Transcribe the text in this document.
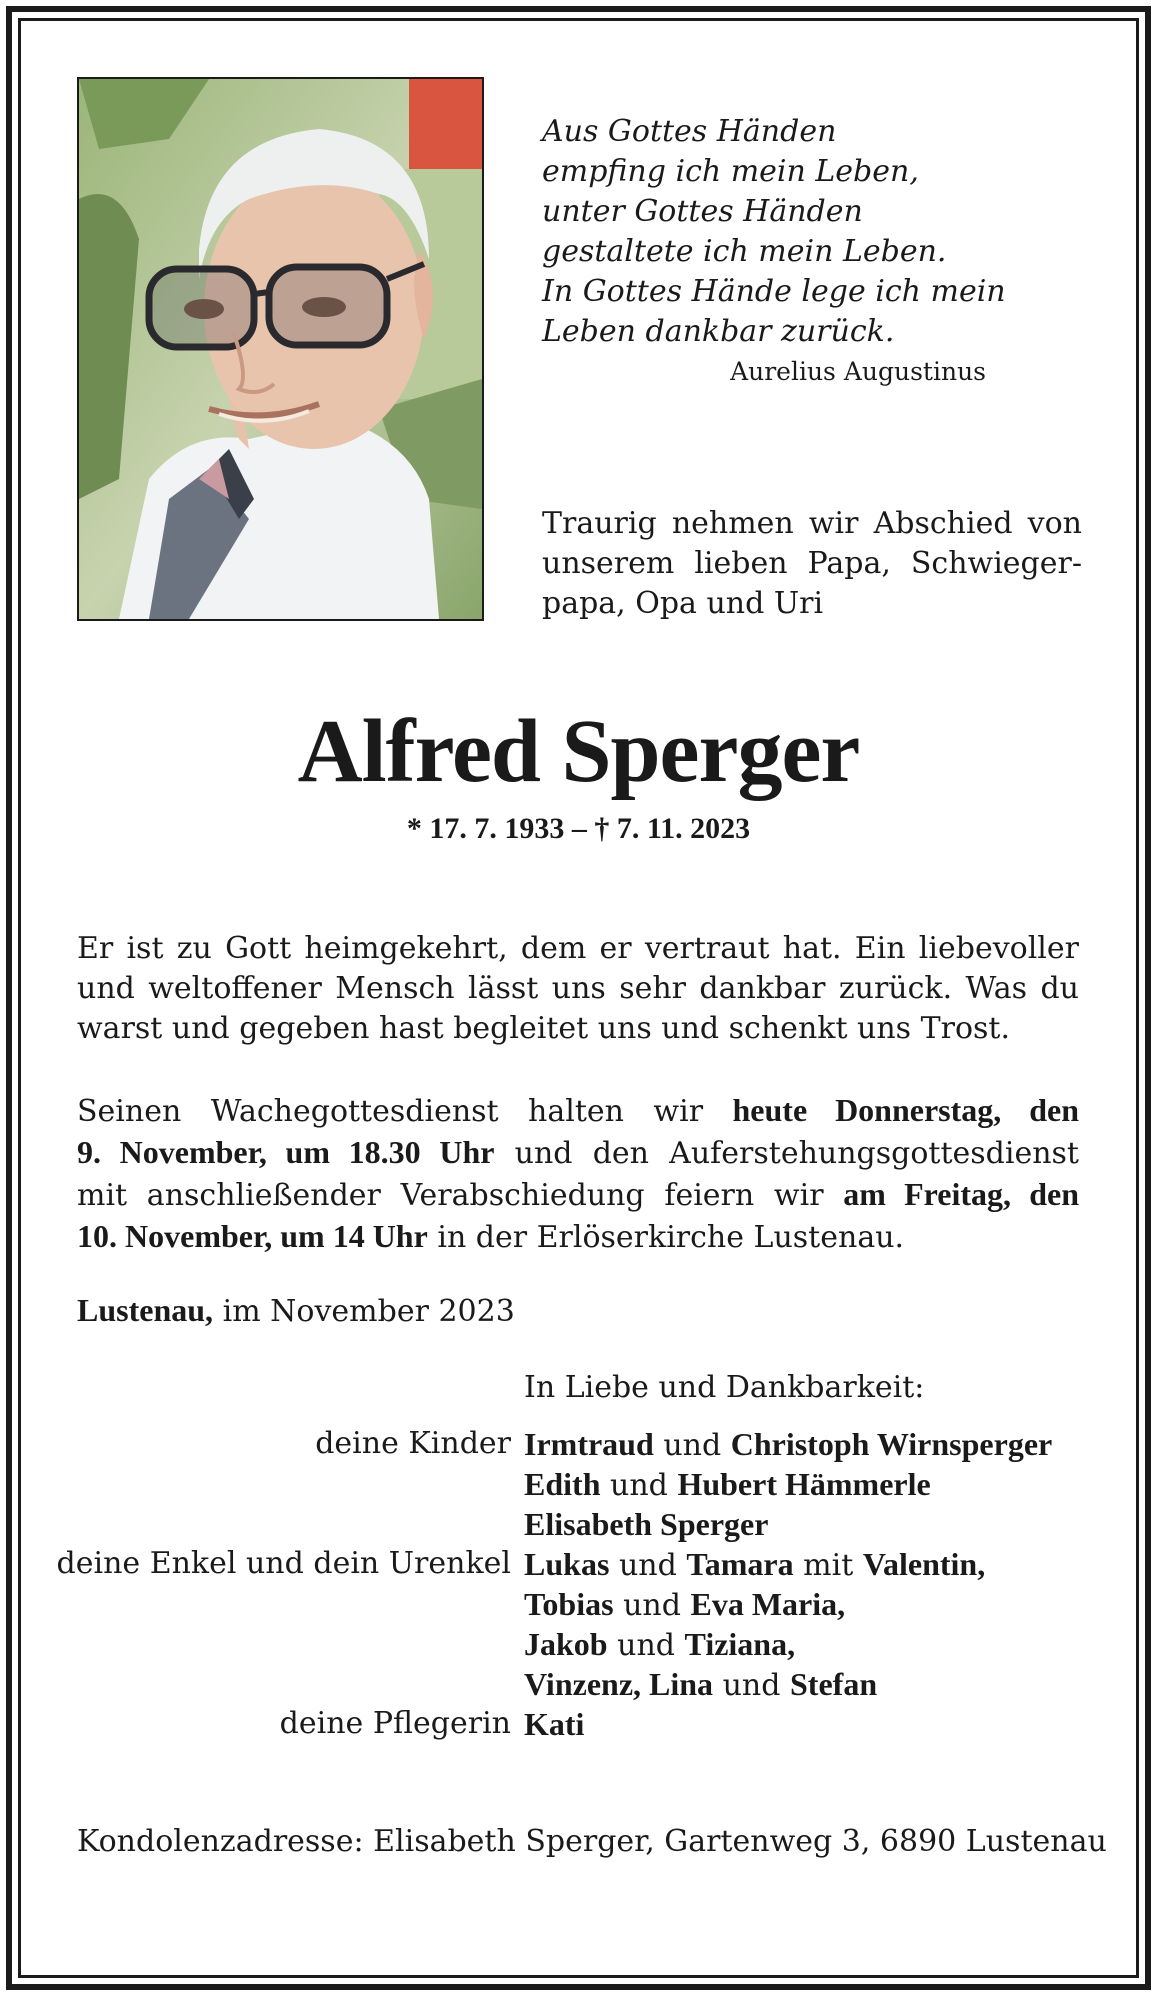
Aus Gottes Händen
empfing ich mein Leben,
unter Gottes Händen
gestaltete ich mein Leben.
In Gottes Hände lege ich mein
Leben dankbar zurück.
Aurelius Augustinus
Traurig nehmen wir Abschied von
unserem lieben Papa, Schwieger-
papa, Opa und Uri
Alfred Sperger
* 17. 7. 1933 – † 7. 11. 2023
Er ist zu Gott heimgekehrt, dem er vertraut hat. Ein liebevoller
und weltoffener Mensch lässt uns sehr dankbar zurück. Was du
warst und gegeben hast begleitet uns und schenkt uns Trost.
Seinen Wachegottesdienst halten wir heute Donnerstag, den
9. November, um 18.30 Uhr und den Auferstehungsgottesdienst
mit anschließender Verabschiedung feiern wir am Freitag, den
10. November, um 14 Uhr in der Erlöserkirche Lustenau.
Lustenau, im November 2023
In Liebe und Dankbarkeit:
deine Kinder Irmtraud und Christoph Wirnsperger
Edith und Hubert Hämmerle
Elisabeth Sperger
deine Enkel und dein Urenkel Lukas und Tamara mit Valentin,
Tobias und Eva Maria,
Jakob und Tiziana,
Vinzenz, Lina und Stefan
deine Pflegerin Kati
Kondolenzadresse: Elisabeth Sperger, Gartenweg 3, 6890 Lustenau
